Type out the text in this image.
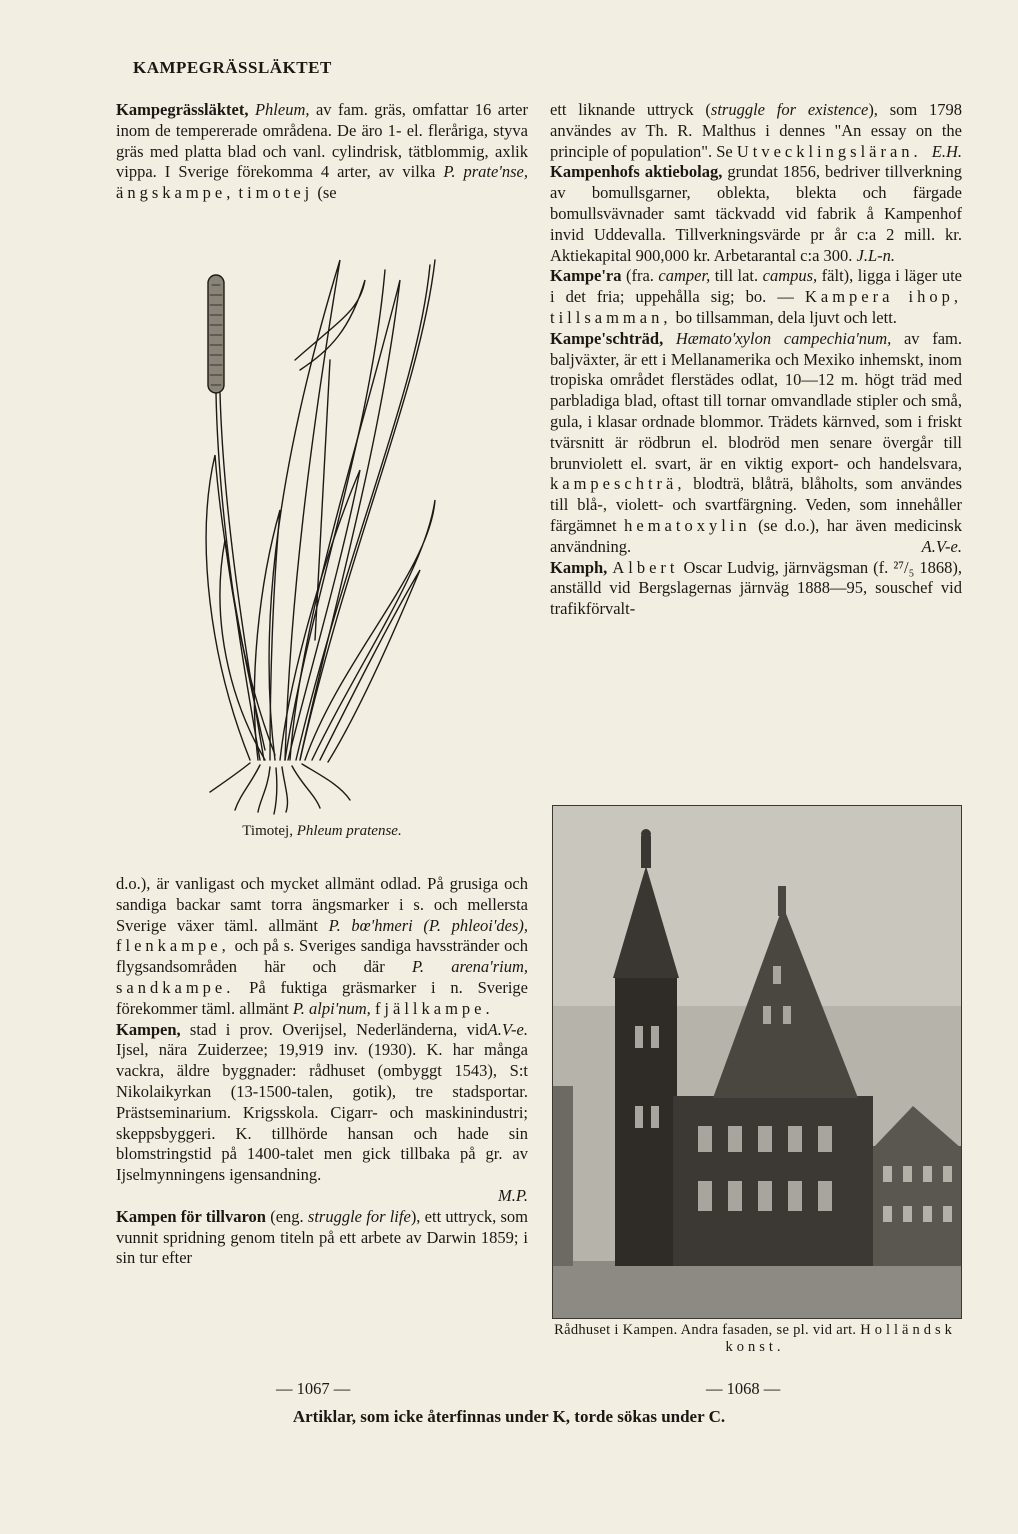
KAMPEGRÄSSLÄKTET

Kampegrässläktet, Phleum, av fam. gräs, omfattar 16 arter inom de tempererade områdena. De äro 1- el. fleråriga, styva gräs med platta blad och vanl. cylindrisk, tätblommig, axlik vippa. I Sverige förekomma 4 arter, av vilka P. prate'nse, ängskampe, timotej (se

Timotej, Phleum pratense.

d.o.), är vanligast och mycket allmänt odlad. På grusiga och sandiga backar samt torra ängsmarker i s. och mellersta Sverige växer täml. allmänt P. bœ'hmeri (P. phleoi'des), flenkampe, och på s. Sveriges sandiga havsstränder och flygsandsområden här och där P. arena'rium, sandkampe. På fuktiga gräsmarker i n. Sverige förekommer täml. allmänt P. alpi'num, fjällkampe.
A.V-e.

Kampen, stad i prov. Overijsel, Nederländerna, vid Ijsel, nära Zuiderzee; 19,919 inv. (1930). K. har många vackra, äldre byggnader: rådhuset (ombyggt 1543), S:t Nikolaikyrkan (13-1500-talen, gotik), tre stadsportar. Prästseminarium. Krigsskola. Cigarr- och maskinindustri; skeppsbyggeri. K. tillhörde hansan och hade sin blomstringstid på 1400-talet men gick tillbaka på gr. av Ijselmynningens igensandning.

M.P.

Kampen för tillvaron (eng. struggle for life), ett uttryck, som vunnit spridning genom titeln på ett arbete av Darwin 1859; i sin tur efter

ett liknande uttryck (struggle for existence), som 1798 användes av Th. R. Malthus i dennes "An essay on the principle of population". Se Utvecklingsläran. E.H.

Kampenhofs aktiebolag, grundat 1856, bedriver tillverkning av bomullsgarner, oblekta, blekta och färgade bomullsvävnader samt täckvadd vid fabrik å Kampenhof invid Uddevalla. Tillverkningsvärde pr år c:a 2 mill. kr. Aktiekapital 900,000 kr. Arbetarantal c:a 300. J.L-n.

Kampe'ra (fra. camper, till lat. campus, fält), ligga i läger ute i det fria; uppehålla sig; bo. — Kampera ihop, tillsamman, bo tillsamman, dela ljuvt och lett.

Kampe'schträd, Hæmato'xylon campechia'num, av fam. baljväxter, är ett i Mellanamerika och Mexiko inhemskt, inom tropiska området flerstädes odlat, 10—12 m. högt träd med parbladiga blad, oftast till tornar omvandlade stipler och små, gula, i klasar ordnade blommor. Trädets kärnved, som i friskt tvärsnitt är rödbrun el. blodröd men senare övergår till brunviolett el. svart, är en viktig export- och handelsvara, kampeschträ, blodträ, blåträ, blåholts, som användes till blå-, violett- och svartfärgning. Veden, som innehåller färgämnet hematoxylin (se d.o.), har även medicinsk användning.	A.V-e.

Kamph, Albert Oscar Ludvig, järnvägsman (f. ²⁷/₅ 1868), anställd vid Bergslagernas järnväg 1888—95, souschef vid trafikförvalt-

Rådhuset i Kampen. Andra fasaden, se pl. vid art. Holländsk konst.
— 1067 —	— 1068 —
Artiklar, som icke återfinnas under K, torde sökas under C.
